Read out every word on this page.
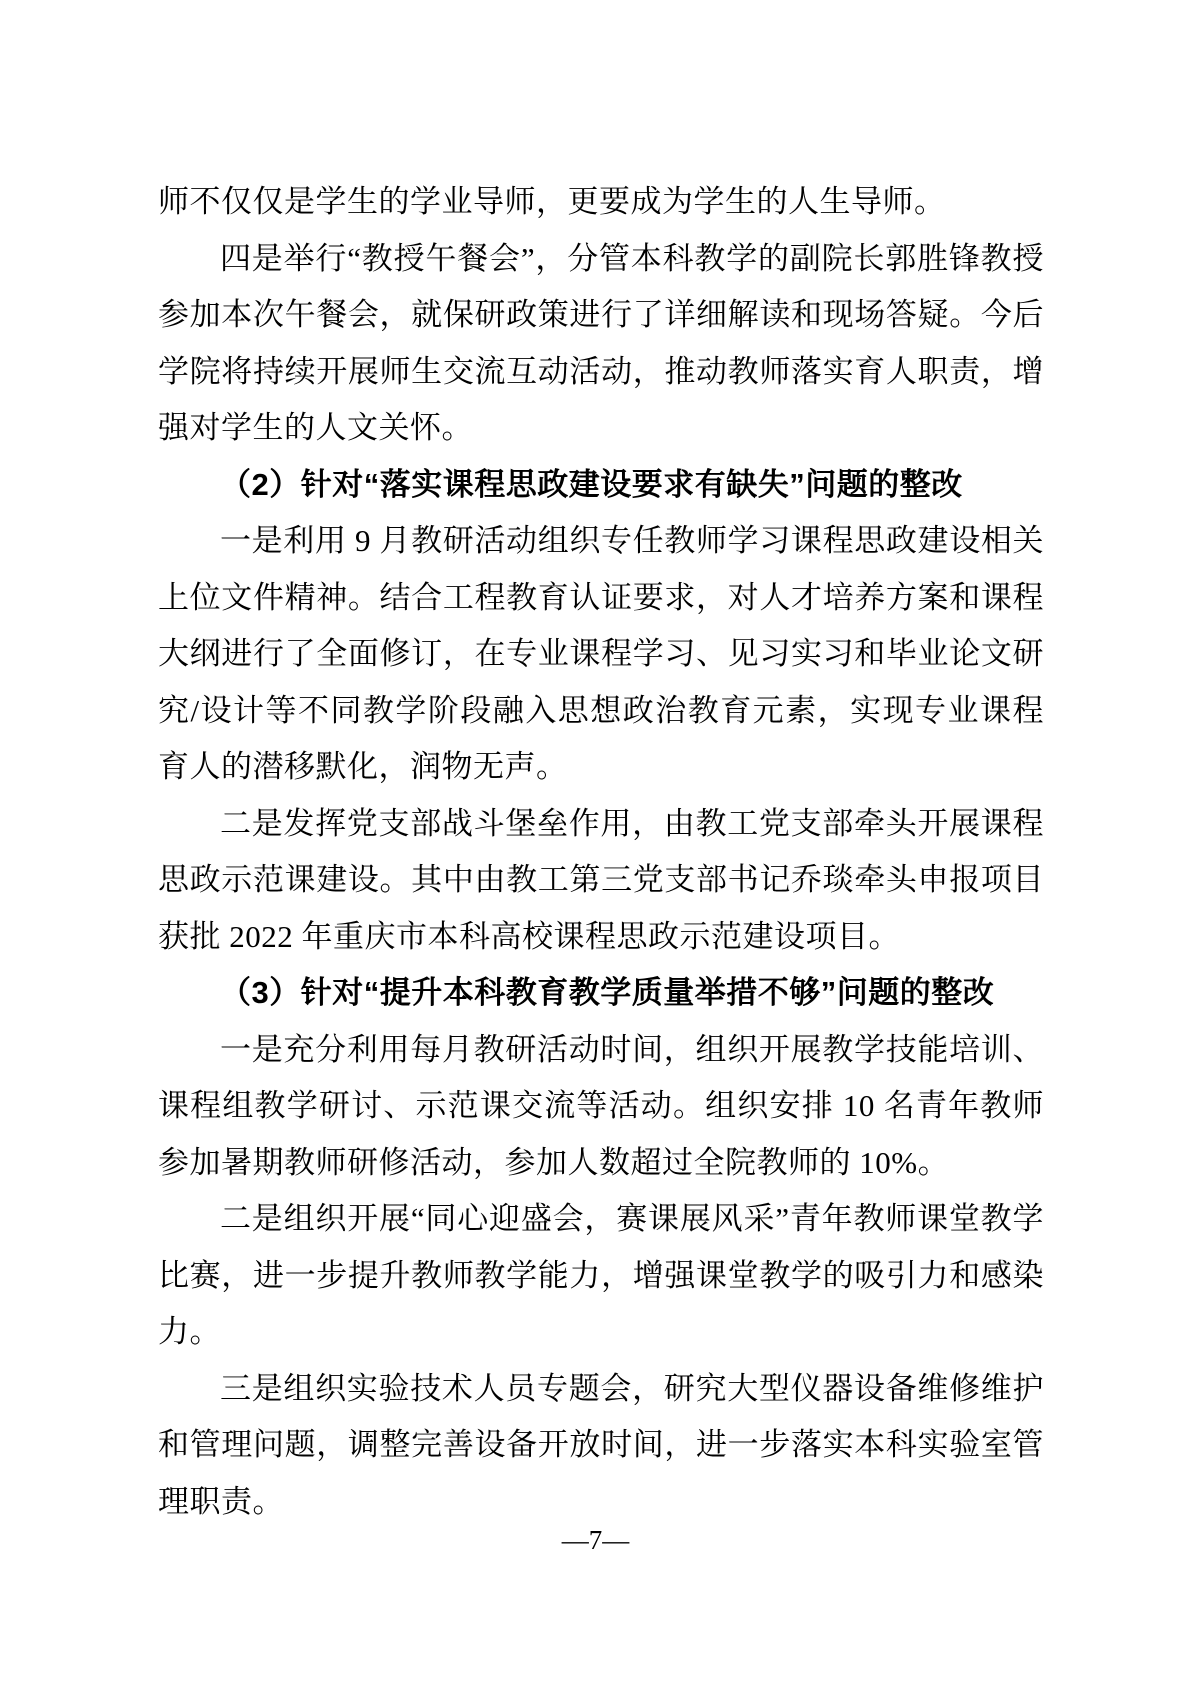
师不仅仅是学生的学业导师，更要成为学生的人生导师。

四是举行“教授午餐会”，分管本科教学的副院长郭胜锋教授参加本次午餐会，就保研政策进行了详细解读和现场答疑。今后学院将持续开展师生交流互动活动，推动教师落实育人职责，增强对学生的人文关怀。

（2）针对“落实课程思政建设要求有缺失”问题的整改

一是利用 9 月教研活动组织专任教师学习课程思政建设相关上位文件精神。结合工程教育认证要求，对人才培养方案和课程大纲进行了全面修订，在专业课程学习、见习实习和毕业论文研究/设计等不同教学阶段融入思想政治教育元素，实现专业课程育人的潜移默化，润物无声。

二是发挥党支部战斗堡垒作用，由教工党支部牵头开展课程思政示范课建设。其中由教工第三党支部书记乔琰牵头申报项目获批 2022 年重庆市本科高校课程思政示范建设项目。

（3）针对“提升本科教育教学质量举措不够”问题的整改

一是充分利用每月教研活动时间，组织开展教学技能培训、课程组教学研讨、示范课交流等活动。组织安排 10 名青年教师参加暑期教师研修活动，参加人数超过全院教师的 10%。

二是组织开展“同心迎盛会，赛课展风采”青年教师课堂教学比赛，进一步提升教师教学能力，增强课堂教学的吸引力和感染力。

三是组织实验技术人员专题会，研究大型仪器设备维修维护和管理问题，调整完善设备开放时间，进一步落实本科实验室管理职责。

—7—
